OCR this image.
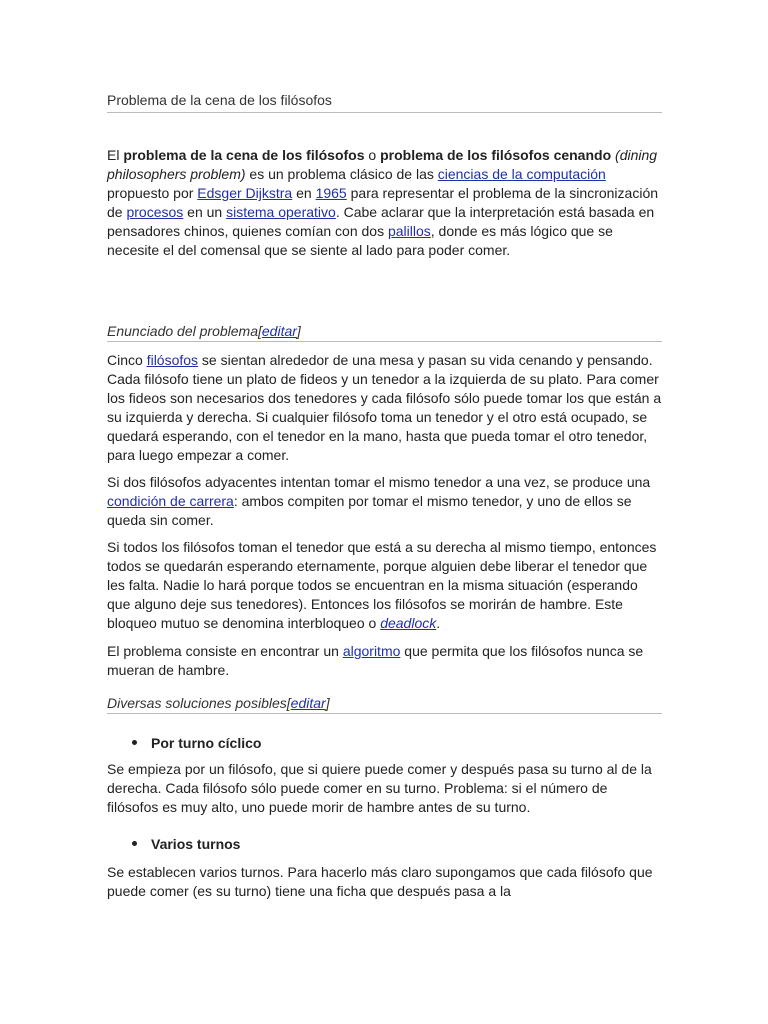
Problema de la cena de los filósofos

El problema de la cena de los filósofos o problema de los filósofos cenando (dining philosophers problem) es un problema clásico de las ciencias de la computación propuesto por Edsger Dijkstra en 1965 para representar el problema de la sincronización de procesos en un sistema operativo. Cabe aclarar que la interpretación está basada en pensadores chinos, quienes comían con dos palillos, donde es más lógico que se necesite el del comensal que se siente al lado para poder comer.

Enunciado del problema[editar]

Cinco filósofos se sientan alrededor de una mesa y pasan su vida cenando y pensando. Cada filósofo tiene un plato de fideos y un tenedor a la izquierda de su plato. Para comer los fideos son necesarios dos tenedores y cada filósofo sólo puede tomar los que están a su izquierda y derecha. Si cualquier filósofo toma un tenedor y el otro está ocupado, se quedará esperando, con el tenedor en la mano, hasta que pueda tomar el otro tenedor, para luego empezar a comer.

Si dos filósofos adyacentes intentan tomar el mismo tenedor a una vez, se produce una condición de carrera: ambos compiten por tomar el mismo tenedor, y uno de ellos se queda sin comer.

Si todos los filósofos toman el tenedor que está a su derecha al mismo tiempo, entonces todos se quedarán esperando eternamente, porque alguien debe liberar el tenedor que les falta. Nadie lo hará porque todos se encuentran en la misma situación (esperando que alguno deje sus tenedores). Entonces los filósofos se morirán de hambre. Este bloqueo mutuo se denomina interbloqueo o deadlock.

El problema consiste en encontrar un algoritmo que permita que los filósofos nunca se mueran de hambre.

Diversas soluciones posibles[editar]
Por turno cíclico

Se empieza por un filósofo, que si quiere puede comer y después pasa su turno al de la derecha. Cada filósofo sólo puede comer en su turno. Problema: si el número de filósofos es muy alto, uno puede morir de hambre antes de su turno.

Varios turnos

Se establecen varios turnos. Para hacerlo más claro supongamos que cada filósofo que puede comer (es su turno) tiene una ficha que después pasa a la
